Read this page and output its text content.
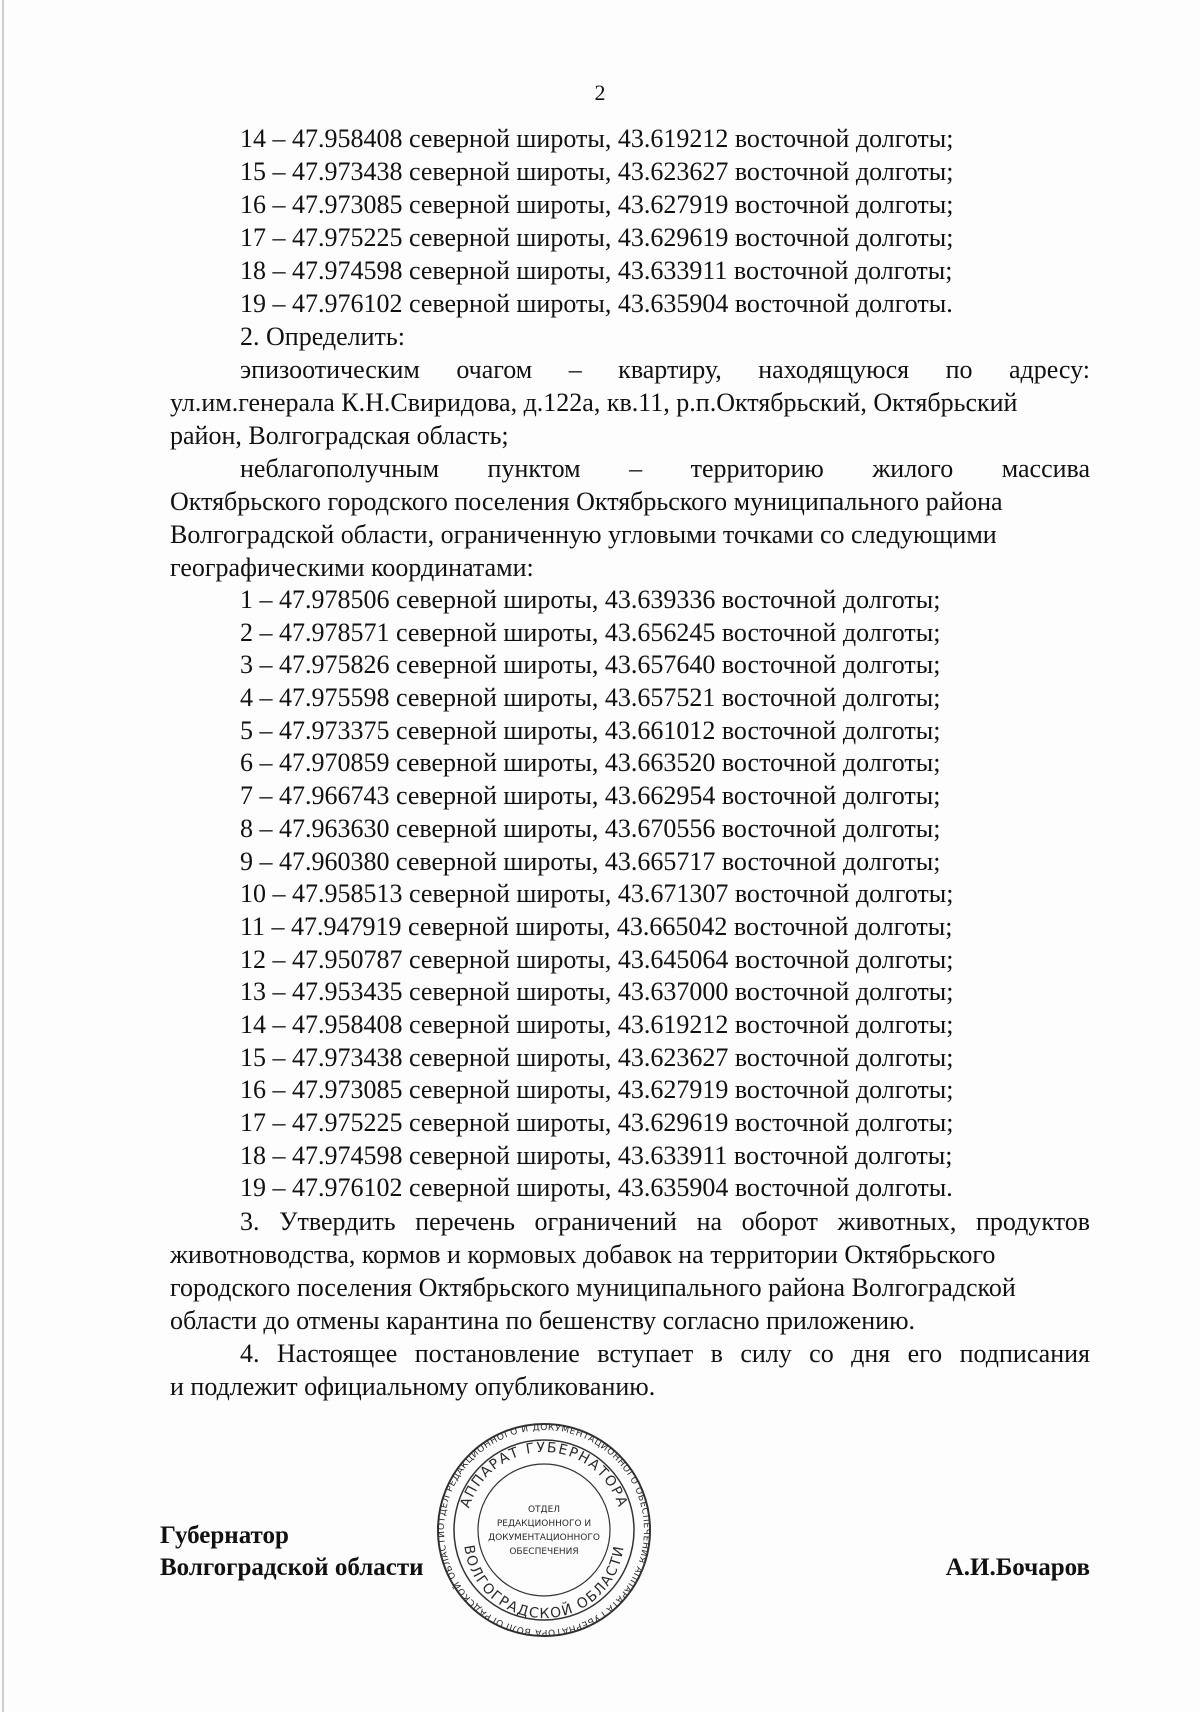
2
14 – 47.958408 северной широты, 43.619212 восточной долготы;
15 – 47.973438 северной широты, 43.623627 восточной долготы;
16 – 47.973085 северной широты, 43.627919 восточной долготы;
17 – 47.975225 северной широты, 43.629619 восточной долготы;
18 – 47.974598 северной широты, 43.633911 восточной долготы;
19 – 47.976102 северной широты, 43.635904 восточной долготы.

2. Определить:

эпизоотическим очагом – квартиру, находящуюся по адресу:

ул.им.генерала К.Н.Свиридова, д.122а, кв.11, р.п.Октябрьский, Октябрьский

район, Волгоградская область;

неблагополучным пунктом – территорию жилого массива

Октябрьского городского поселения Октябрьского муниципального района

Волгоградской области, ограниченную угловыми точками со следующими

географическими координатами:

1 – 47.978506 северной широты, 43.639336 восточной долготы;
2 – 47.978571 северной широты, 43.656245 восточной долготы;
3 – 47.975826 северной широты, 43.657640 восточной долготы;
4 – 47.975598 северной широты, 43.657521 восточной долготы;
5 – 47.973375 северной широты, 43.661012 восточной долготы;
6 – 47.970859 северной широты, 43.663520 восточной долготы;
7 – 47.966743 северной широты, 43.662954 восточной долготы;
8 – 47.963630 северной широты, 43.670556 восточной долготы;
9 – 47.960380 северной широты, 43.665717 восточной долготы;
10 – 47.958513 северной широты, 43.671307 восточной долготы;
11 – 47.947919 северной широты, 43.665042 восточной долготы;
12 – 47.950787 северной широты, 43.645064 восточной долготы;
13 – 47.953435 северной широты, 43.637000 восточной долготы;
14 – 47.958408 северной широты, 43.619212 восточной долготы;
15 – 47.973438 северной широты, 43.623627 восточной долготы;
16 – 47.973085 северной широты, 43.627919 восточной долготы;
17 – 47.975225 северной широты, 43.629619 восточной долготы;
18 – 47.974598 северной широты, 43.633911 восточной долготы;
19 – 47.976102 северной широты, 43.635904 восточной долготы.

3. Утвердить перечень ограничений на оборот животных, продуктов

животноводства, кормов и кормовых добавок на территории Октябрьского

городского поселения Октябрьского муниципального района Волгоградской

области до отмены карантина по бешенству согласно приложению.

4. Настоящее постановление вступает в силу со дня его подписания

и подлежит официальному опубликованию.

Губернатор
Волгоградской области	А.И.Бочаров
ОТДЕЛ РЕДАКЦИОННОГО И ДОКУМЕНТАЦИОННОГО ОБЕСПЕЧЕНИЯ АППАРАТА ГУБЕРНАТОРА ВОЛГОГРАДСКОЙ ОБЛАСТИ
АППАРАТ ГУБЕРНАТОРА
ВОЛГОГРАДСКОЙ ОБЛАСТИ
ОТДЕЛ
РЕДАКЦИОННОГО И
ДОКУМЕНТАЦИОННОГО
ОБЕСПЕЧЕНИЯ
